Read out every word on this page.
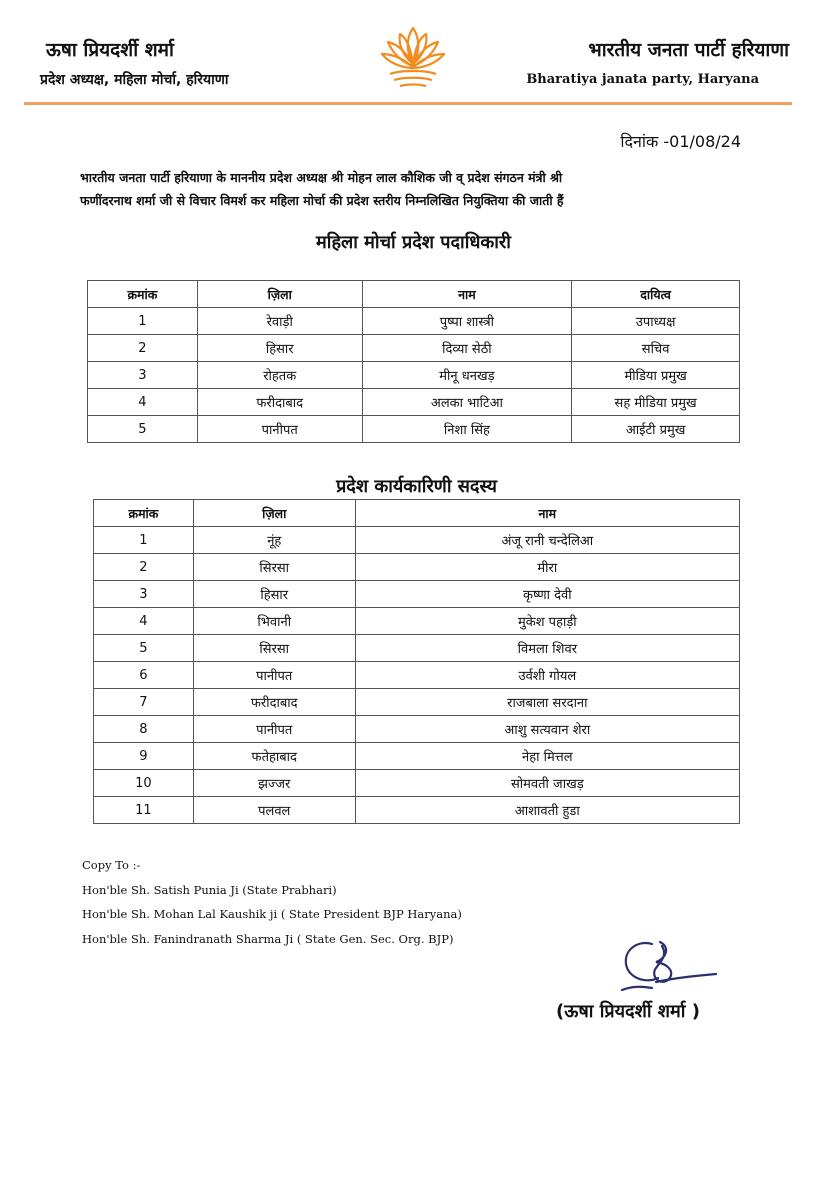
ऊषा प्रियदर्शी शर्मा
प्रदेश अध्यक्ष, महिला मोर्चा, हरियाणा
भारतीय जनता पार्टी हरियाणा
Bharatiya janata party, Haryana
दिनांक -01/08/24

भारतीय जनता पार्टी हरियाणा के माननीय प्रदेश अध्यक्ष श्री मोहन लाल कौशिक जी व् प्रदेश संगठन मंत्री श्री

फणींदरनाथ शर्मा जी से विचार विमर्श कर महिला मोर्चा की प्रदेश स्तरीय निम्नलिखित नियुक्तिया की जाती हैं

महिला मोर्चा प्रदेश पदाधिकारी
क्रमांक	ज़िला	नाम	दायित्व
1	रेवाड़ी	पुष्पा शास्त्री	उपाध्यक्ष
2	हिसार	दिव्या सेठी	सचिव
3	रोहतक	मीनू धनखड़	मीडिया प्रमुख
4	फरीदाबाद	अलका भाटिआ	सह मीडिया प्रमुख
5	पानीपत	निशा सिंह	आईटी प्रमुख
प्रदेश कार्यकारिणी सदस्य
क्रमांक	ज़िला	नाम
1	नूंह	अंजू रानी चन्देलिआ
2	सिरसा	मीरा
3	हिसार	कृष्णा देवी
4	भिवानी	मुकेश पहाड़ी
5	सिरसा	विमला शिवर
6	पानीपत	उर्वशी गोयल
7	फरीदाबाद	राजबाला सरदाना
8	पानीपत	आशु सत्यवान शेरा
9	फतेहाबाद	नेहा मित्तल
10	झज्जर	सोमवती जाखड़
11	पलवल	आशावती हुडा
Copy To :-
Hon'ble Sh. Satish Punia Ji (State Prabhari)
Hon'ble Sh. Mohan Lal Kaushik ji ( State President BJP Haryana)
Hon'ble Sh. Fanindranath Sharma Ji ( State Gen. Sec. Org. BJP)
(ऊषा प्रियदर्शी शर्मा )
